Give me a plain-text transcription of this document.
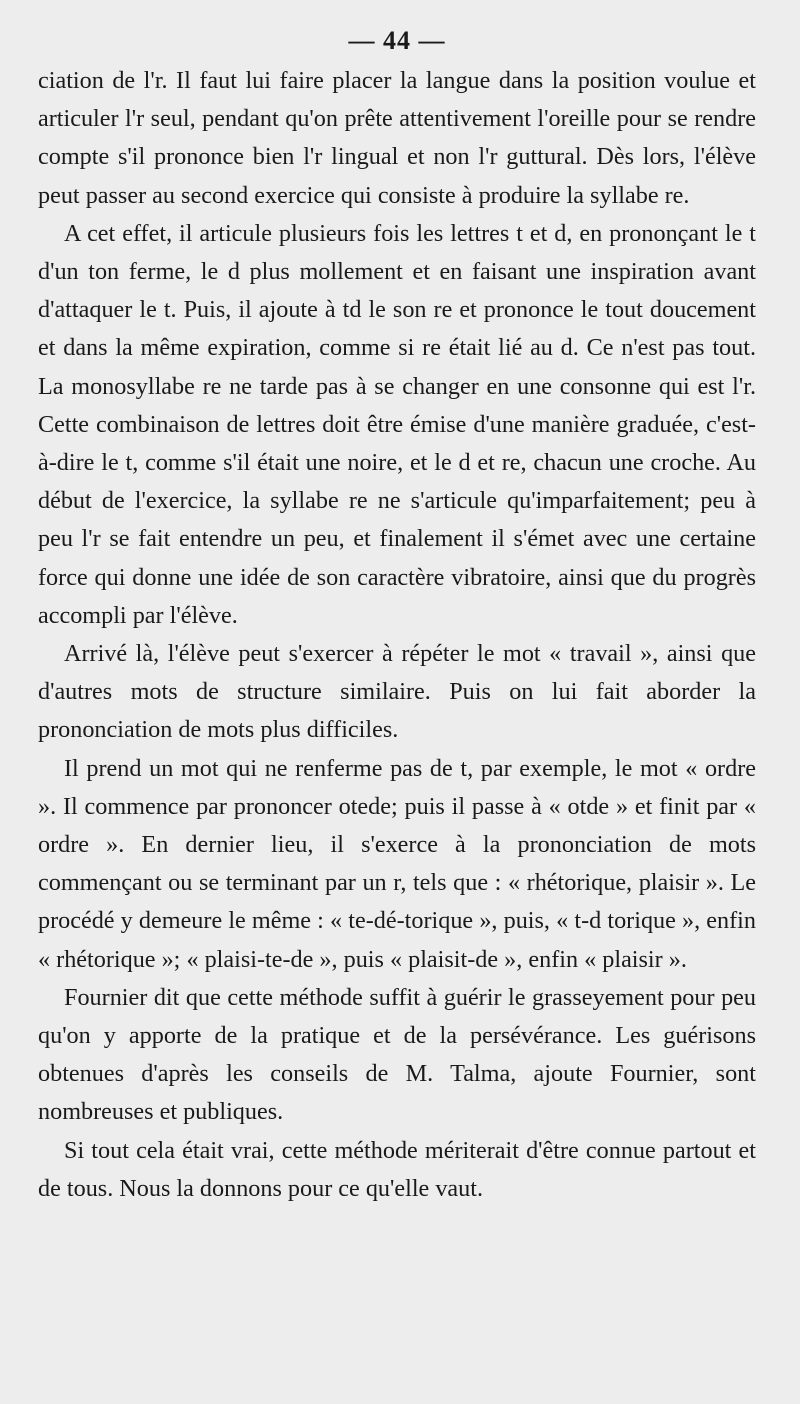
— 44 —

ciation de l'r. Il faut lui faire placer la langue dans la position voulue et articuler l'r seul, pendant qu'on prête attentivement l'oreille pour se rendre compte s'il prononce bien l'r lingual et non l'r guttural. Dès lors, l'élève peut passer au second exercice qui consiste à produire la syllabe re.

A cet effet, il articule plusieurs fois les lettres t et d, en prononçant le t d'un ton ferme, le d plus mollement et en faisant une inspiration avant d'attaquer le t. Puis, il ajoute à td le son re et prononce le tout doucement et dans la même expiration, comme si re était lié au d. Ce n'est pas tout. La monosyllabe re ne tarde pas à se changer en une consonne qui est l'r. Cette combinaison de lettres doit être émise d'une manière graduée, c'est-à-dire le t, comme s'il était une noire, et le d et re, chacun une croche. Au début de l'exercice, la syllabe re ne s'articule qu'imparfaitement; peu à peu l'r se fait entendre un peu, et finalement il s'émet avec une certaine force qui donne une idée de son caractère vibratoire, ainsi que du progrès accompli par l'élève.

Arrivé là, l'élève peut s'exercer à répéter le mot « travail », ainsi que d'autres mots de structure similaire. Puis on lui fait aborder la prononciation de mots plus difficiles.

Il prend un mot qui ne renferme pas de t, par exemple, le mot « ordre ». Il commence par prononcer otede; puis il passe à « otde » et finit par « ordre ». En dernier lieu, il s'exerce à la prononciation de mots commençant ou se terminant par un r, tels que : « rhétorique, plaisir ». Le procédé y demeure le même : « te-dé-torique », puis, « t-d torique », enfin « rhétorique »; « plaisi-te-de », puis « plaisit-de », enfin « plaisir ».

Fournier dit que cette méthode suffit à guérir le grasseyement pour peu qu'on y apporte de la pratique et de la persévérance. Les guérisons obtenues d'après les conseils de M. Talma, ajoute Fournier, sont nombreuses et publiques.

Si tout cela était vrai, cette méthode mériterait d'être connue partout et de tous. Nous la donnons pour ce qu'elle vaut.
